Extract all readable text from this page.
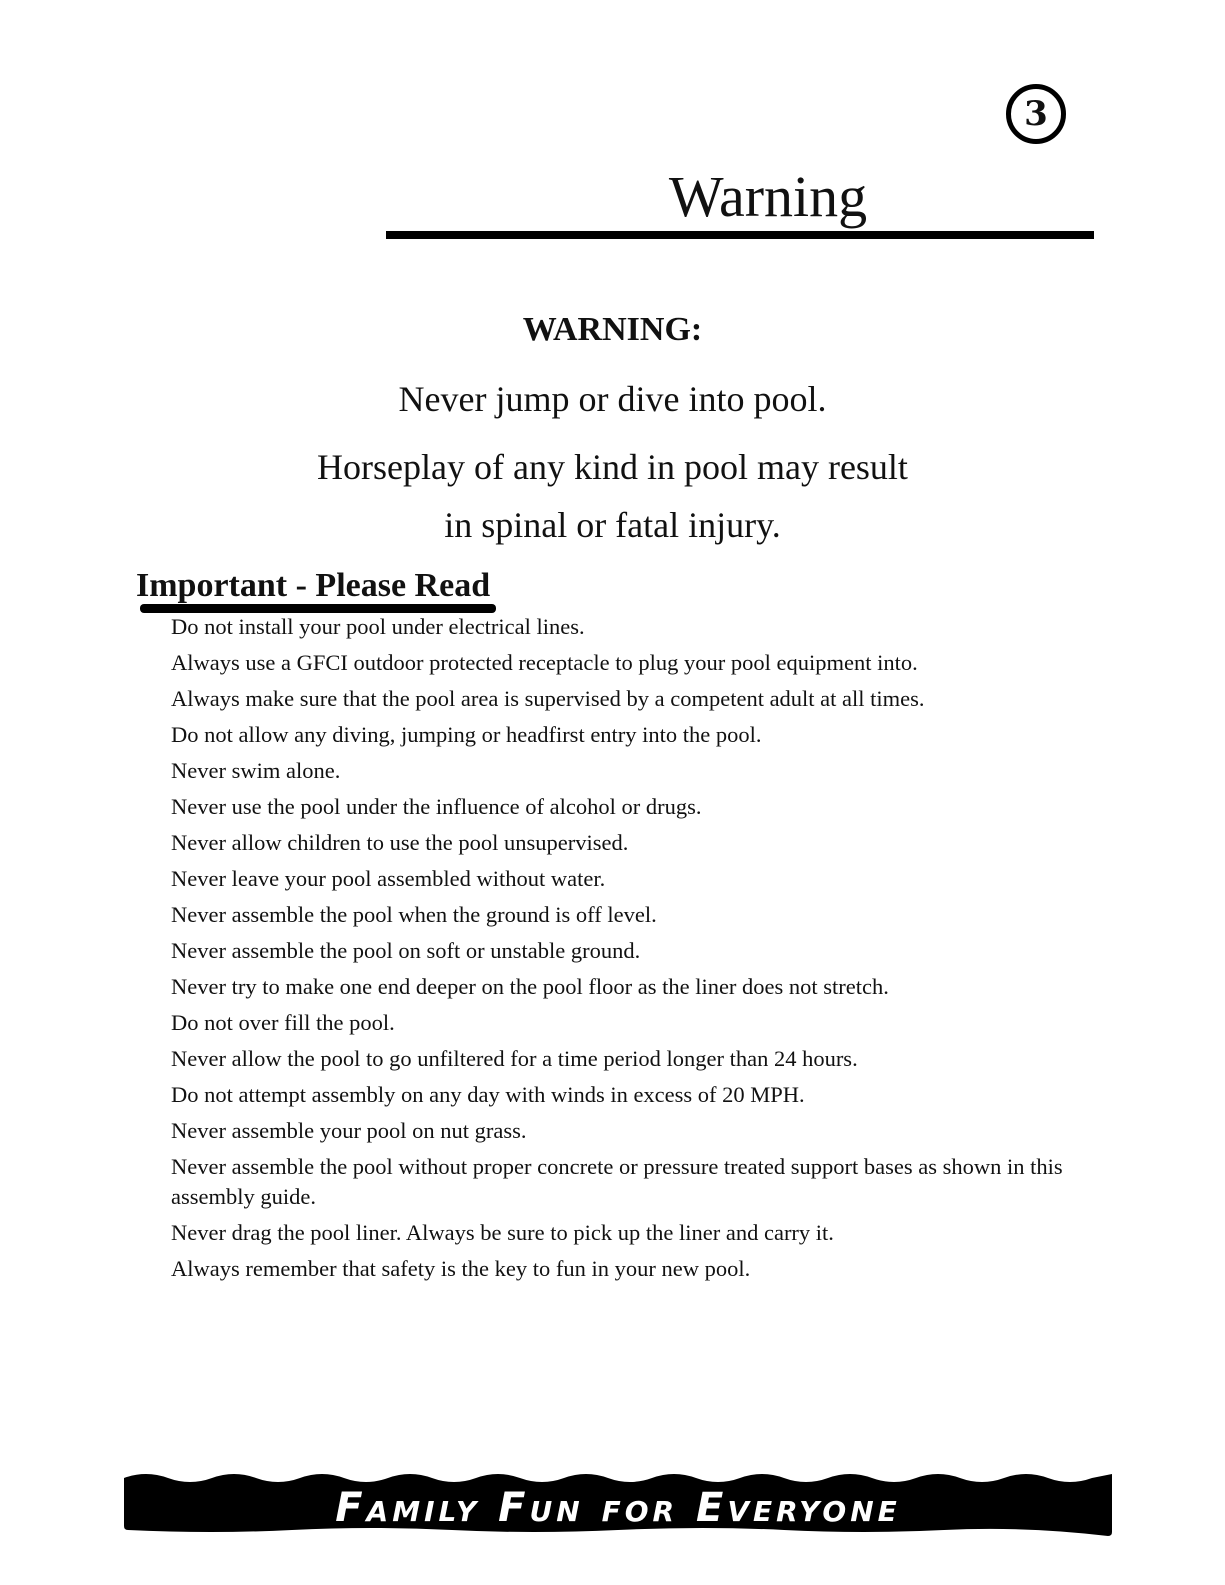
3
Warning
WARNING:
Never jump or dive into pool.
Horseplay of any kind in pool may result
in spinal or fatal injury.
Important - Please Read
Do not install your pool under electrical lines.
Always use a GFCI outdoor protected receptacle to plug your pool equipment into.
Always make sure that the pool area is supervised by a competent adult at all times.
Do not allow any diving, jumping or headfirst entry into the pool.
Never swim alone.
Never use the pool under the influence of alcohol or drugs.
Never allow children to use the pool unsupervised.
Never leave your pool assembled without water.
Never assemble the pool when the ground is off level.
Never assemble the pool on soft or unstable ground.
Never try to make one end deeper on the pool floor as the liner does not stretch.
Do not over fill the pool.
Never allow the pool to go unfiltered for a time period longer than 24 hours.
Do not attempt assembly on any day with winds in excess of 20 MPH.
Never assemble your pool on nut grass.
Never assemble the pool without proper concrete or pressure treated support bases as shown in this assembly guide.
Never drag the pool liner. Always be sure to pick up the liner and carry it.
Always remember that safety is the key to fun in your new pool.
Family Fun for Everyone
